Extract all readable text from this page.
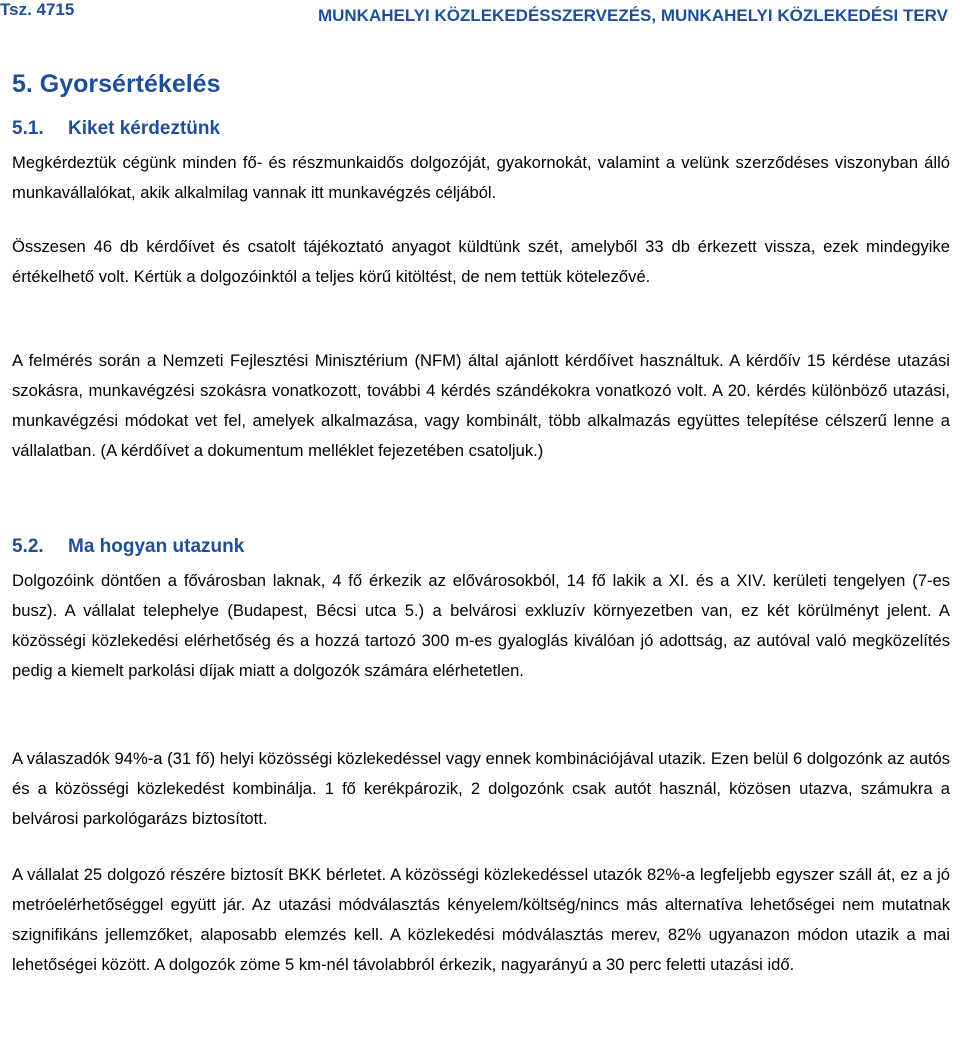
Tsz. 4715	MUNKAHELYI KÖZLEKEDÉSSZERVEZÉS, MUNKAHELYI KÖZLEKEDÉSI TERV
5. Gyorsértékelés
5.1. Kiket kérdeztünk

Megkérdeztük cégünk minden fő- és részmunkaidős dolgozóját, gyakornokát, valamint a velünk szerződéses viszonyban álló munkavállalókat, akik alkalmilag vannak itt munkavégzés céljából.

Összesen 46 db kérdőívet és csatolt tájékoztató anyagot küldtünk szét, amelyből 33 db érkezett vissza, ezek mindegyike értékelhető volt. Kértük a dolgozóinktól a teljes körű kitöltést, de nem tettük kötelezővé.

A felmérés során a Nemzeti Fejlesztési Minisztérium (NFM) által ajánlott kérdőívet használtuk. A kérdőív 15 kérdése utazási szokásra, munkavégzési szokásra vonatkozott, további 4 kérdés szándékokra vonatkozó volt. A 20. kérdés különböző utazási, munkavégzési módokat vet fel, amelyek alkalmazása, vagy kombinált, több alkalmazás együttes telepítése célszerű lenne a vállalatban. (A kérdőívet a dokumentum melléklet fejezetében csatoljuk.)

5.2. Ma hogyan utazunk

Dolgozóink döntően a fővárosban laknak, 4 fő érkezik az elővárosokból, 14 fő lakik a XI. és a XIV. kerületi tengelyen (7-es busz). A vállalat telephelye (Budapest, Bécsi utca 5.) a belvárosi exkluzív környezetben van, ez két körülményt jelent. A közösségi közlekedési elérhetőség és a hozzá tartozó 300 m-es gyaloglás kiválóan jó adottság, az autóval való megközelítés pedig a kiemelt parkolási díjak miatt a dolgozók számára elérhetetlen.

A válaszadók 94%-a (31 fő) helyi közösségi közlekedéssel vagy ennek kombinációjával utazik. Ezen belül 6 dolgozónk az autós és a közösségi közlekedést kombinálja. 1 fő kerékpározik, 2 dolgozónk csak autót használ, közösen utazva, számukra a belvárosi parkológarázs biztosított.

A vállalat 25 dolgozó részére biztosít BKK bérletet. A közösségi közlekedéssel utazók 82%-a legfeljebb egyszer száll át, ez a jó metróelérhetőséggel együtt jár. Az utazási módválasztás kényelem/költség/nincs más alternatíva lehetőségei nem mutatnak szignifikáns jellemzőket, alaposabb elemzés kell. A közlekedési módválasztás merev, 82% ugyanazon módon utazik a mai lehetőségei között. A dolgozók zöme 5 km-nél távolabbról érkezik, nagyarányú a 30 perc feletti utazási idő.
